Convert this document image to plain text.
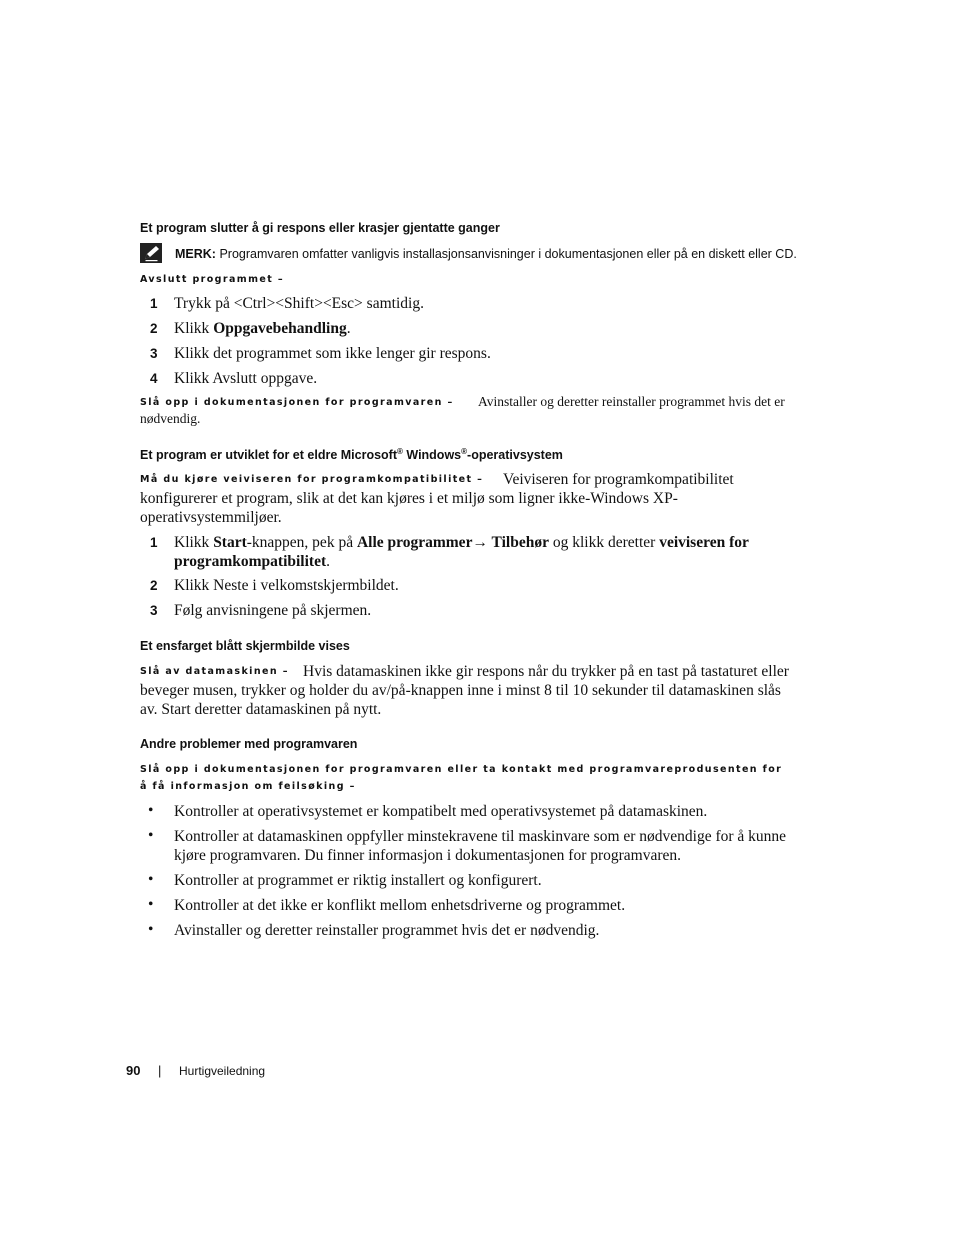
Et program slutter å gi respons eller krasjer gjentatte ganger
MERK: Programvaren omfatter vanligvis installasjonsanvisninger i dokumentasjonen eller på en diskett eller CD.
Avslutt programmet –
1 Trykk på <Ctrl><Shift><Esc> samtidig.
2 Klikk Oppgavebehandling.
3 Klikk det programmet som ikke lenger gir respons.
4 Klikk Avslutt oppgave.
Slå opp i dokumentasjonen for programvaren – Avinstaller og deretter reinstaller programmet hvis det er
nødvendig.
Et program er utviklet for et eldre Microsoft® Windows®-operativsystem
Må du kjøre veiviseren for programkompatibilitet – Veiviseren for programkompatibilitet
konfigurerer et program, slik at det kan kjøres i et miljø som ligner ikke-Windows XP-
operativsystemmiljøer.
1 Klikk Start-knappen, pek på Alle programmer→ Tilbehør og klikk deretter veiviseren for
programkompatibilitet.
2 Klikk Neste i velkomstskjermbildet.
3 Følg anvisningene på skjermen.
Et ensfarget blått skjermbilde vises
Slå av datamaskinen – Hvis datamaskinen ikke gir respons når du trykker på en tast på tastaturet eller
beveger musen, trykker og holder du av/på-knappen inne i minst 8 til 10 sekunder til datamaskinen slås
av. Start deretter datamaskinen på nytt.
Andre problemer med programvaren
Slå opp i dokumentasjonen for programvaren eller ta kontakt med programvareprodusenten for
å få informasjon om feilsøking –
• Kontroller at operativsystemet er kompatibelt med operativsystemet på datamaskinen.
• Kontroller at datamaskinen oppfyller minstekravene til maskinvare som er nødvendige for å kunne
kjøre programvaren. Du finner informasjon i dokumentasjonen for programvaren.
• Kontroller at programmet er riktig installert og konfigurert.
• Kontroller at det ikke er konflikt mellom enhetsdriverne og programmet.
• Avinstaller og deretter reinstaller programmet hvis det er nødvendig.
90 | Hurtigveiledning
